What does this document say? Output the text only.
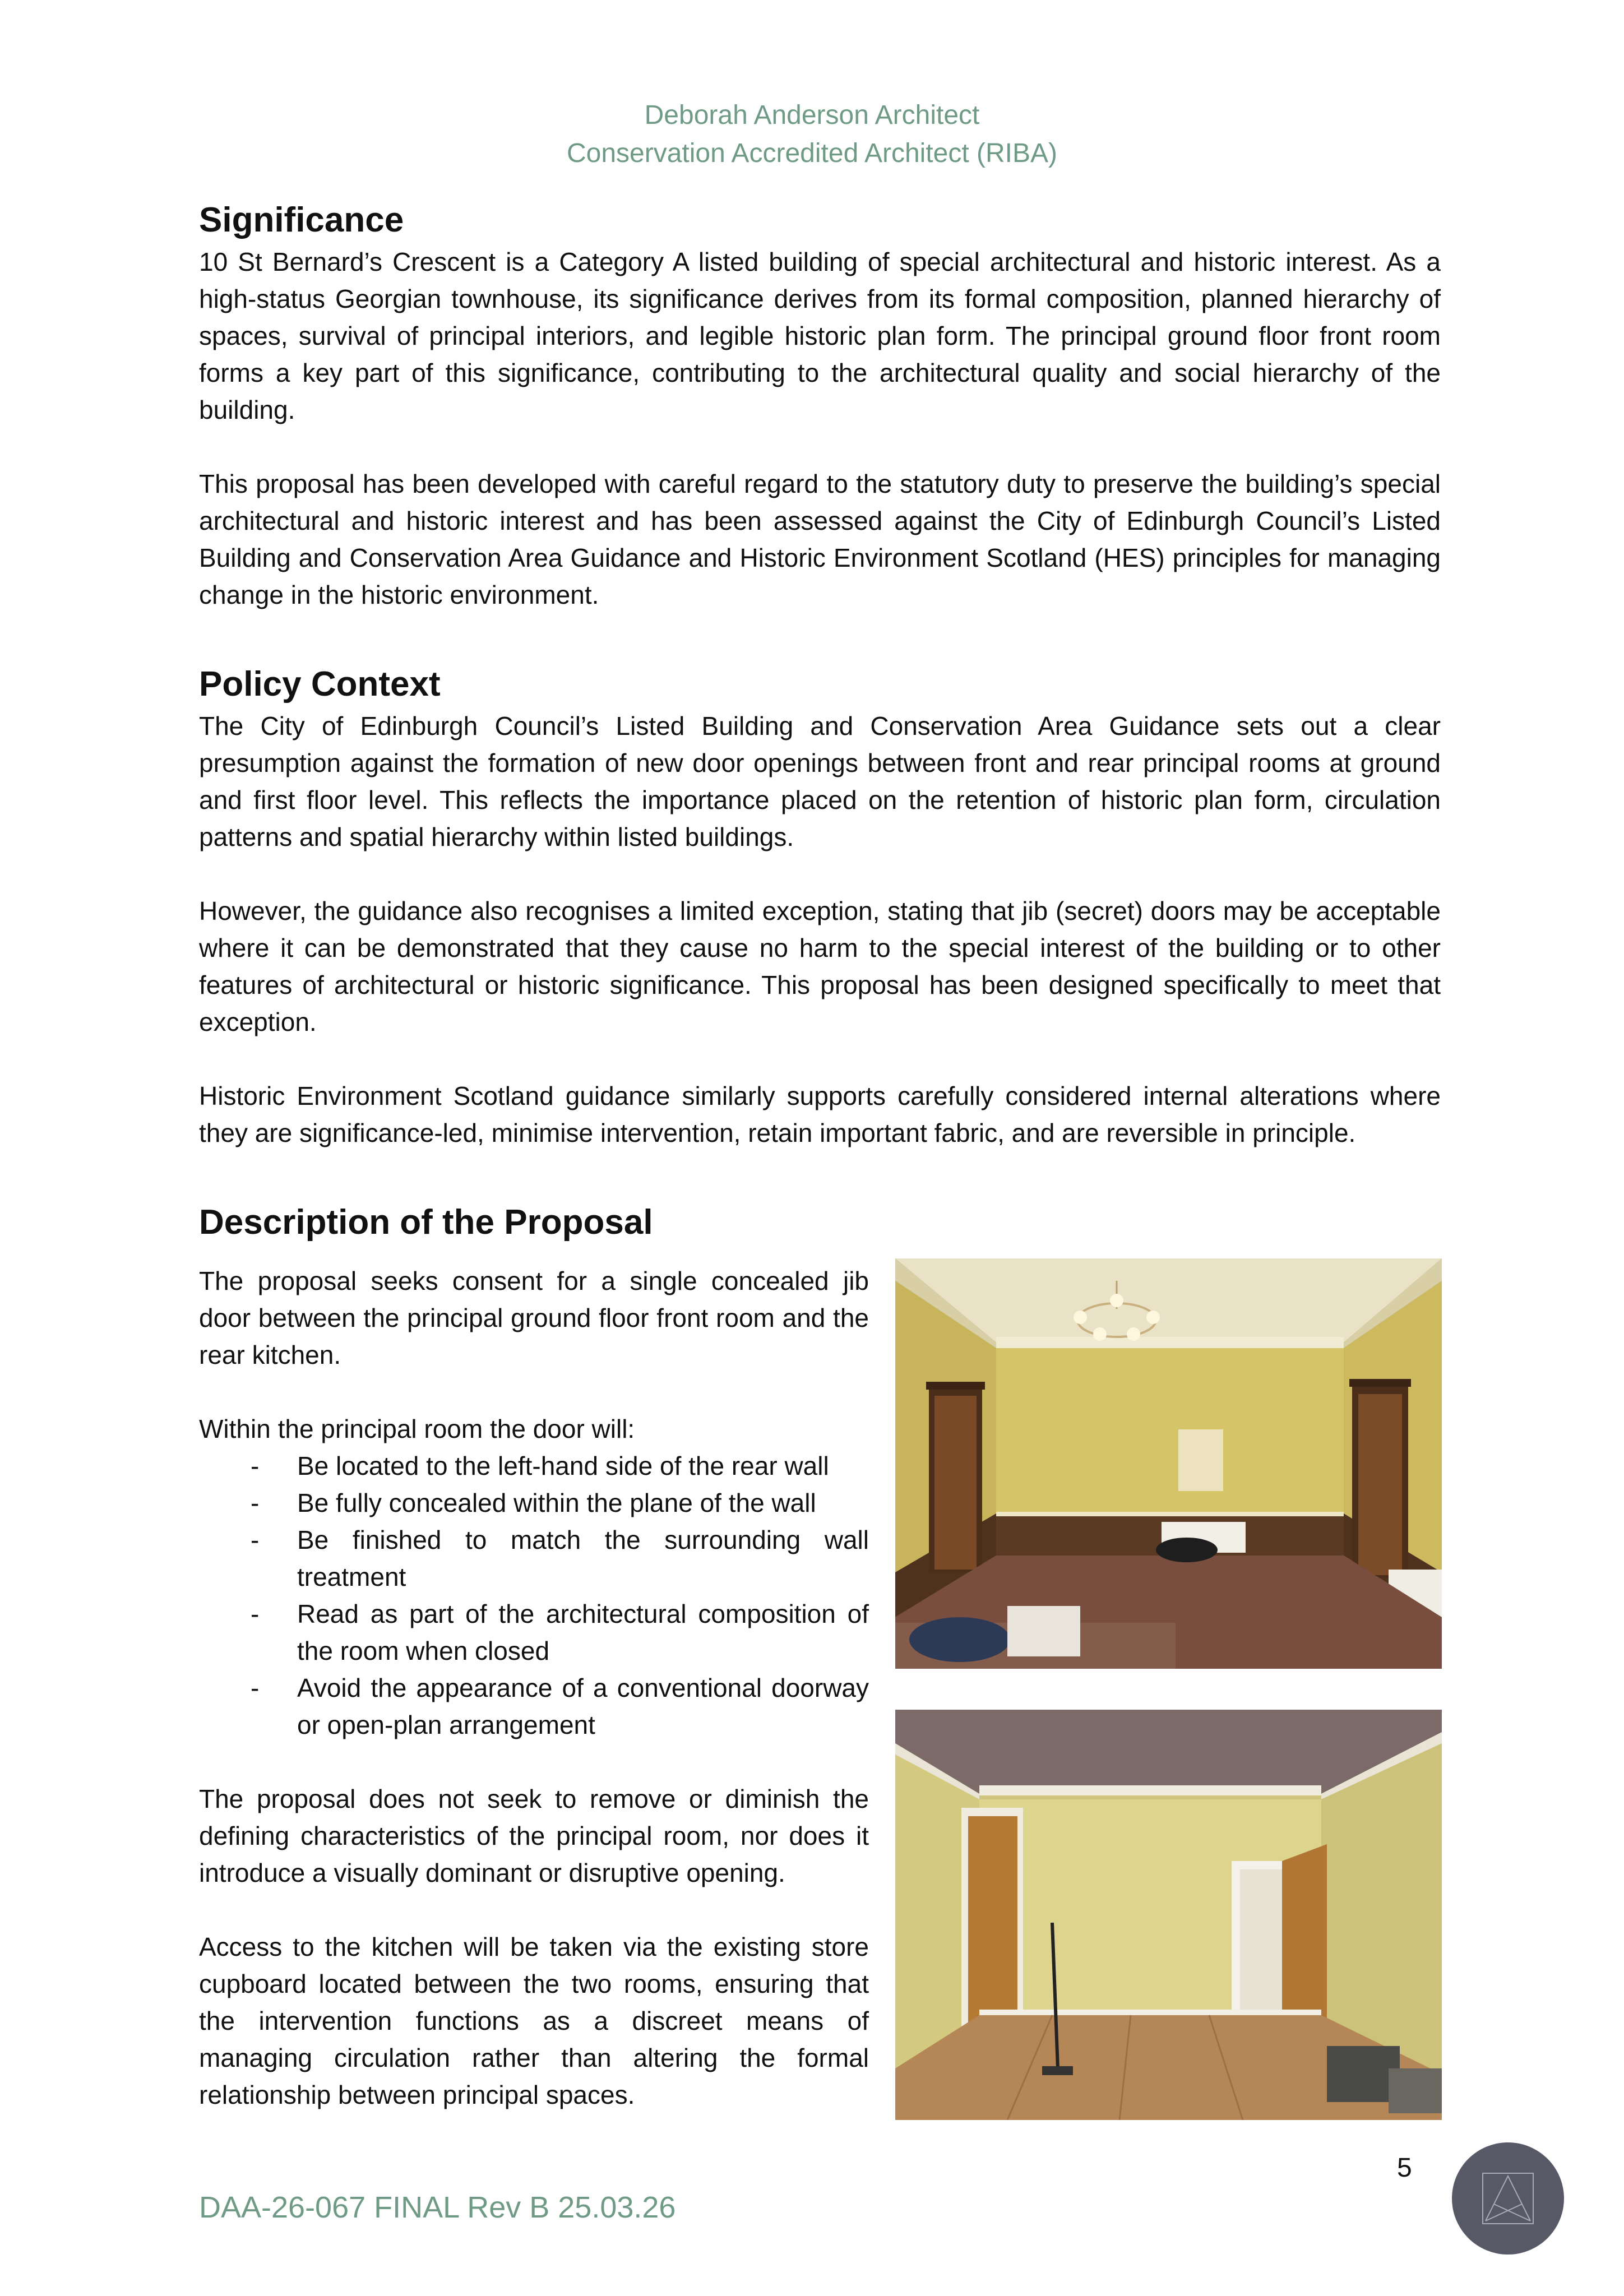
Deborah Anderson Architect
Conservation Accredited Architect (RIBA)
Significance

10 St Bernard’s Crescent is a Category A listed building of special architectural and historic interest. As a high-status Georgian townhouse, its significance derives from its formal composition, planned hierarchy of spaces, survival of principal interiors, and legible historic plan form. The principal ground floor front room forms a key part of this significance, contributing to the architectural quality and social hierarchy of the building.

This proposal has been developed with careful regard to the statutory duty to preserve the building’s special architectural and historic interest and has been assessed against the City of Edinburgh Council’s Listed Building and Conservation Area Guidance and Historic Environment Scotland (HES) principles for managing change in the historic environment.

Policy Context

The City of Edinburgh Council’s Listed Building and Conservation Area Guidance sets out a clear presumption against the formation of new door openings between front and rear principal rooms at ground and first floor level. This reflects the importance placed on the retention of historic plan form, circulation patterns and spatial hierarchy within listed buildings.

However, the guidance also recognises a limited exception, stating that jib (secret) doors may be acceptable where it can be demonstrated that they cause no harm to the special interest of the building or to other features of architectural or historic significance. This proposal has been designed specifically to meet that exception.

Historic Environment Scotland guidance similarly supports carefully considered internal alterations where they are significance-led, minimise intervention, retain important fabric, and are reversible in principle.

Description of the Proposal

The proposal seeks consent for a single concealed jib door between the principal ground floor front room and the rear kitchen.

Within the principal room the door will:

- Be located to the left-hand side of the rear wall
- Be fully concealed within the plane of the wall
- Be finished to match the surrounding wall treatment
- Read as part of the architectural composition of the room when closed
- Avoid the appearance of a conventional doorway or open-plan arrangement

The proposal does not seek to remove or diminish the defining characteristics of the principal room, nor does it introduce a visually dominant or disruptive opening.

Access to the kitchen will be taken via the existing store cupboard located between the two rooms, ensuring that the intervention functions as a discreet means of managing circulation rather than altering the formal relationship between principal spaces.

5
DAA-26-067 FINAL Rev B 25.03.26
